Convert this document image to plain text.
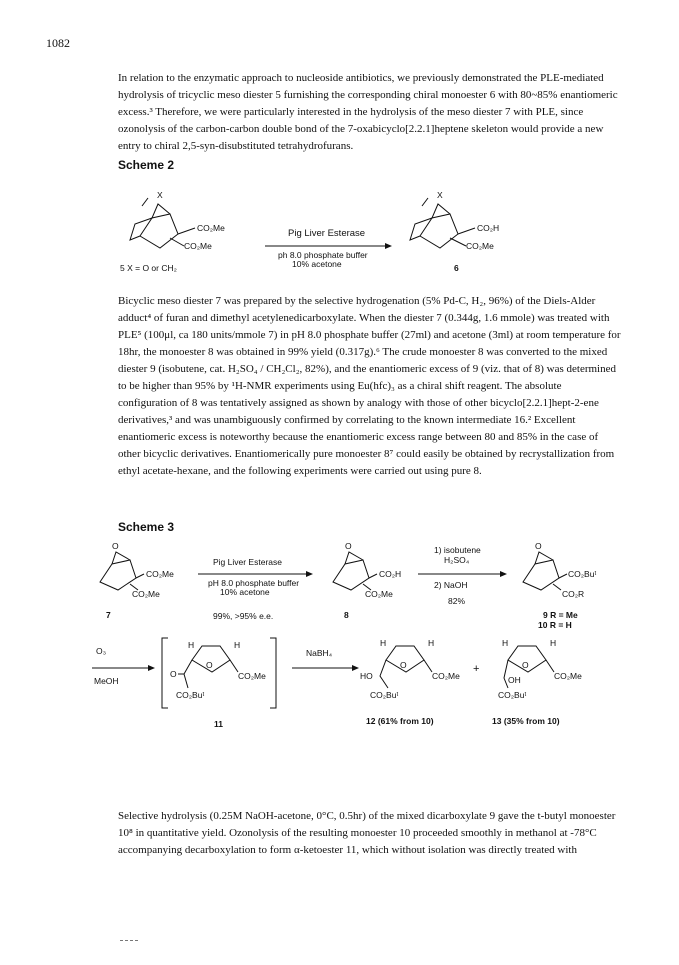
1082

In relation to the enzymatic approach to nucleoside antibiotics, we previously demonstrated the PLE-mediated hydrolysis of tricyclic meso diester 5 furnishing the corresponding chiral monoester 6 with 80~85% enantiomeric excess.³ Therefore, we were particularly interested in the hydrolysis of the meso diester 7 with PLE, since ozonolysis of the carbon-carbon double bond of the 7-oxabicyclo[2.2.1]heptene skeleton would provide a new entry to chiral 2,5-syn-disubstituted tetrahydrofurans.

Scheme 2
X
CO₂Me
CO₂Me
5 X = O or CH₂
Pig Liver Esterase
ph 8.0 phosphate buffer
10% acetone
X
CO₂H
CO₂Me
6

Bicyclic meso diester 7 was prepared by the selective hydrogenation (5% Pd-C, H₂, 96%) of the Diels-Alder adduct⁴ of furan and dimethyl acetylenedicarboxylate. When the diester 7 (0.344g, 1.6 mmole) was treated with PLE⁵ (100μl, ca 180 units/mmole 7) in pH 8.0 phosphate buffer (27ml) and acetone (3ml) at room temperature for 18hr, the monoester 8 was obtained in 99% yield (0.317g).⁶ The crude monoester 8 was converted to the mixed diester 9 (isobutene, cat. H₂SO₄ / CH₂Cl₂, 82%), and the enantiomeric excess of 9 (viz. that of 8) was determined to be higher than 95% by ¹H-NMR experiments using Eu(hfc)₃ as a chiral shift reagent. The absolute configuration of 8 was tentatively assigned as shown by analogy with those of other bicyclo[2.2.1]hept-2-ene derivatives,³ and was unambiguously confirmed by correlating to the known intermediate 16.² Excellent enantiomeric excess is noteworthy because the enantiomeric excess range between 80 and 85% in the case of other bicyclic derivatives. Enantiomerically pure monoester 8⁷ could easily be obtained by recrystallization from ethyl acetate-hexane, and the following experiments were carried out using pure 8.

Scheme 3
O
CO₂Me
CO₂Me
7
Pig Liver Esterase
pH 8.0 phosphate buffer
10% acetone
99%, >95% e.e.
O
CO₂H
CO₂Me
8
1) isobutene
H₂SO₄
2) NaOH
82%
O
CO₂Buᵗ
CO₂R
9 R = Me
10 R = H
O₃
MeOH
O
H	H
O	CO₂Me
CO₂Buᵗ
11
NaBH₄
O
H	H
HO	CO₂Me
CO₂Buᵗ
+	O
H	H
OH	CO₂Me
CO₂Buᵗ
12 (61% from 10)	13 (35% from 10)

Selective hydrolysis (0.25M NaOH-acetone, 0°C, 0.5hr) of the mixed dicarboxylate 9 gave the t-butyl monoester 10⁸ in quantitative yield. Ozonolysis of the resulting monoester 10 proceeded smoothly in methanol at -78°C accompanying decarboxylation to form α-ketoester 11, which without isolation was directly treated with
